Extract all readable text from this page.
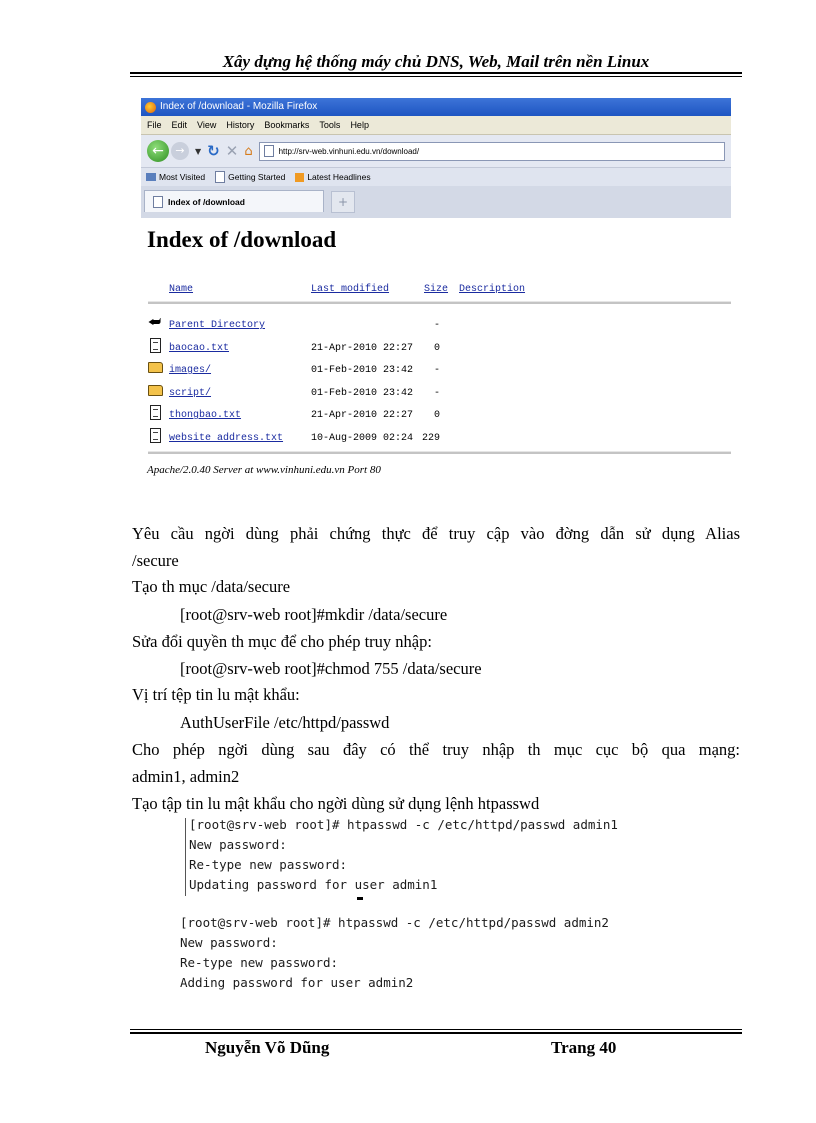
Xây dựng hệ thống máy chủ DNS, Web, Mail trên nền Linux
Index of /download - Mozilla Firefox
File Edit View History Bookmarks Tools Help
←	→	▼ ↻ ✕ ⌂	http://srv-web.vinhuni.edu.vn/download/
Most Visited	Getting Started	Latest Headlines
Index of /download	+
Index of /download
Name	Last modified	Size Description
⮨ Parent Directory	-
baocao.txt	21-Apr-2010 22:27	0
images/	01-Feb-2010 23:42	-
script/	01-Feb-2010 23:42	-
thongbao.txt	21-Apr-2010 22:27	0
website address.txt	10-Aug-2009 02:24 229
Apache/2.0.40 Server at www.vinhuni.edu.vn Port 80
Yêu cầu ngời dùng phải chứng thực để truy cập vào đờng dẫn sử dụng Alias
/secure
Tạo th mục /data/secure
[root@srv-web root]#mkdir /data/secure
Sửa đổi quyền th mục để cho phép truy nhập:
[root@srv-web root]#chmod 755 /data/secure
Vị trí tệp tin lu mật khẩu:
AuthUserFile /etc/httpd/passwd
Cho phép ngời dùng sau đây có thể truy nhập th mục cục bộ qua mạng:
admin1, admin2
Tạo tập tin lu mật khẩu cho ngời dùng sử dụng lệnh htpasswd
[root@srv-web root]# htpasswd -c /etc/httpd/passwd admin1
New password:
Re-type new password:
Updating password for user admin1
[root@srv-web root]# htpasswd -c /etc/httpd/passwd admin2
New password:
Re-type new password:
Adding password for user admin2
Nguyễn Võ Dũng	Trang 40
